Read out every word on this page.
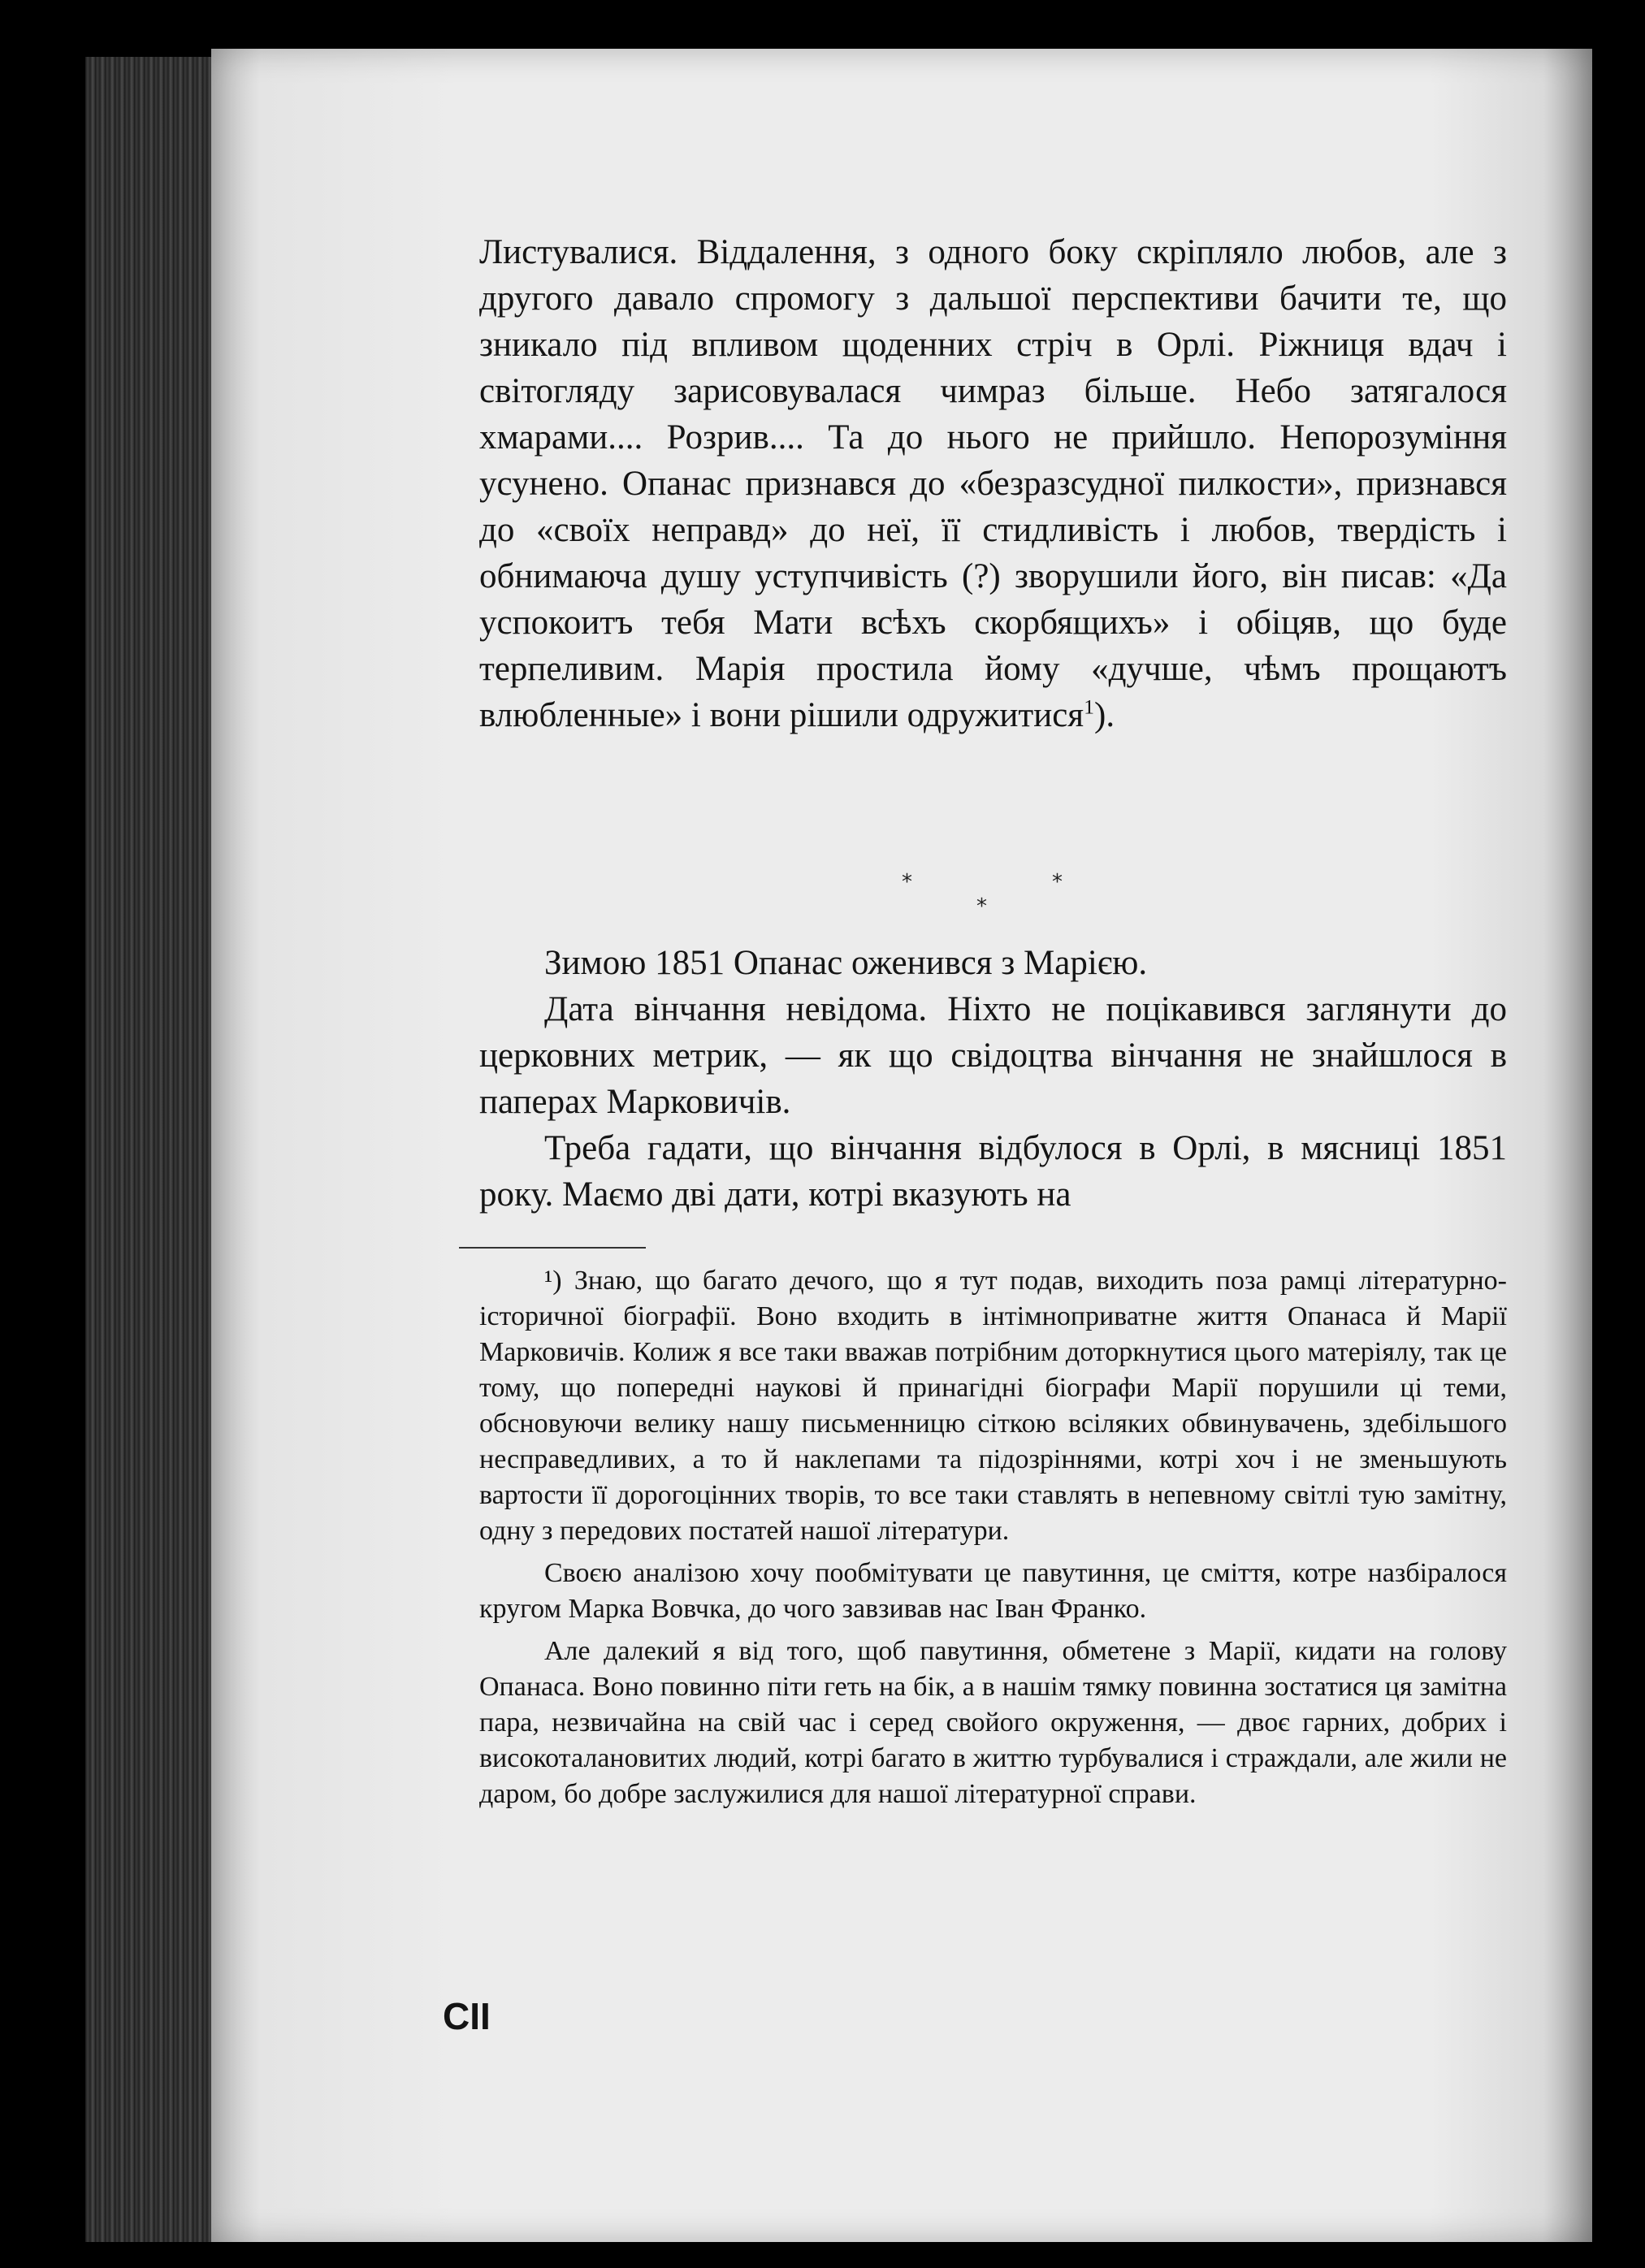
Листувалися. Віддалення, з одного боку скріпляло любов, але з другого давало спромогу з дальшої перспективи бачити те, що зникало під впливом щоденних стріч в Орлі. Ріжниця вдач і світогляду зарисовувалася чимраз більше. Небо затягалося хмарами.... Розрив.... Та до нього не прийшло. Непорозуміння усунено. Опанас признався до «безразсудної пилкости», признався до «своїх неправд» до неї, її стидливість і любов, твердість і обнимаюча душу уступчивість (?) зворушили його, він писав: «Да успокоитъ тебя Мати всѣхъ скорбящихъ» і обіцяв, що буде терпеливим. Марія простила йому «дучше, чѣмъ прощаютъ влюбленные» і вони рішили одружитися$^1$).

*	*
*

Зимою 1851 Опанас оженився з Марією.

Дата вінчання невідома. Ніхто не поцікавився заглянути до церковних метрик, — як що свідоцтва вінчання не знайшлося в паперах Марковичів.

Треба гадати, що вінчання відбулося в Орлі, в мясниці 1851 року. Маємо дві дати, котрі вказують на

¹) Знаю, що багато дечого, що я тут подав, виходить поза рамці літературно-історичної біографії. Воно входить в інтімноприватне життя Опанаса й Марії Марковичів. Колиж я все таки вважав потрібним доторкнутися цього матеріялу, так це тому, що попередні наукові й принагідні біографи Марії порушили ці теми, обсновуючи велику нашу письменницю сіткою всіляких обвинувачень, здебільшого несправедливих, а то й наклепами та підозріннями, котрі хоч і не зменьшують вартости її дорогоцінних творів, то все таки ставлять в непевному світлі тую замітну, одну з передових постатей нашої літератури.

Своєю аналізою хочу пообмітувати це павутиння, це сміття, котре назбіралося кругом Марка Вовчка, до чого завзивав нас Іван Франко.

Але далекий я від того, щоб павутиння, обметене з Марії, кидати на голову Опанаса. Воно повинно піти геть на бік, а в нашім тямку повинна зостатися ця замітна пара, незвичайна на свій час і серед свойого окруження, — двоє гарних, добрих і високоталановитих людий, котрі багато в життю турбувалися і страждали, але жили не даром, бо добре заслужилися для нашої літературної справи.

CII
